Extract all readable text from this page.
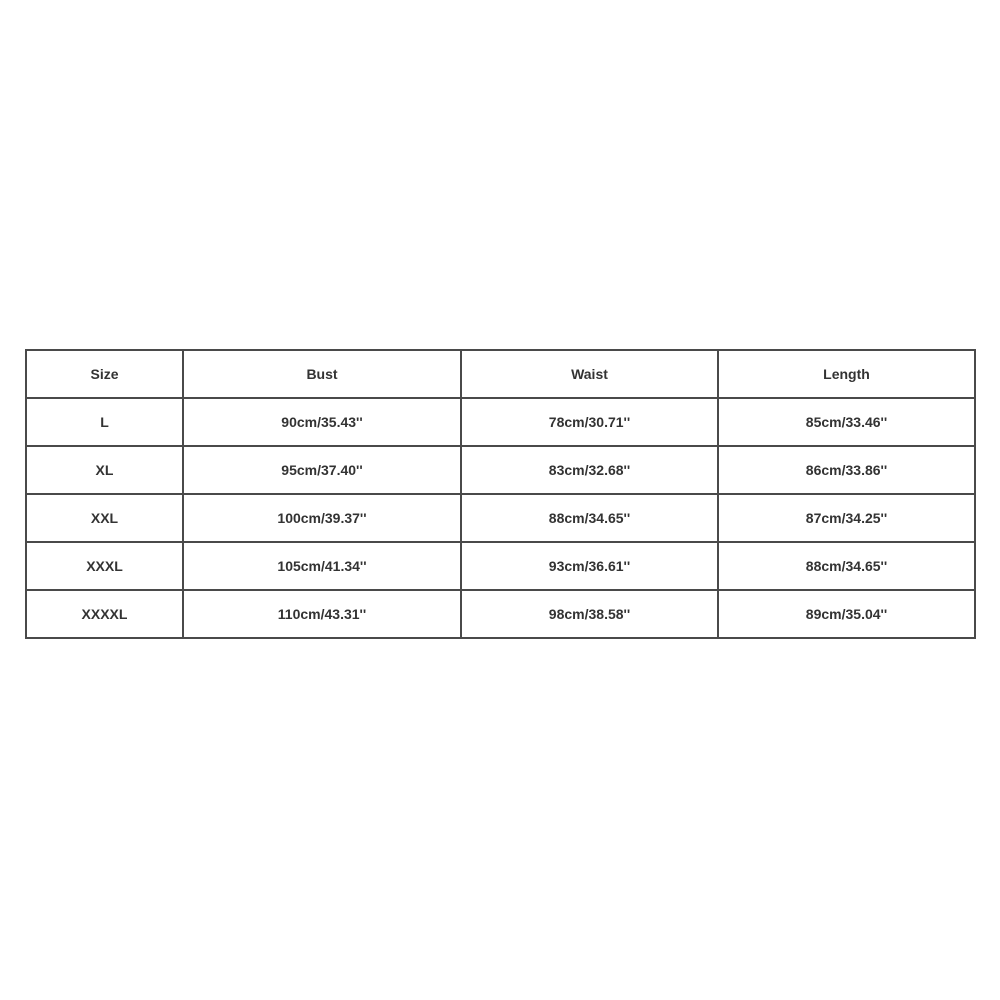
Size	Bust	Waist	Length
L	90cm/35.43''	78cm/30.71''	85cm/33.46''
XL	95cm/37.40''	83cm/32.68''	86cm/33.86''
XXL	100cm/39.37''	88cm/34.65''	87cm/34.25''
XXXL	105cm/41.34''	93cm/36.61''	88cm/34.65''
XXXXL	110cm/43.31''	98cm/38.58''	89cm/35.04''
